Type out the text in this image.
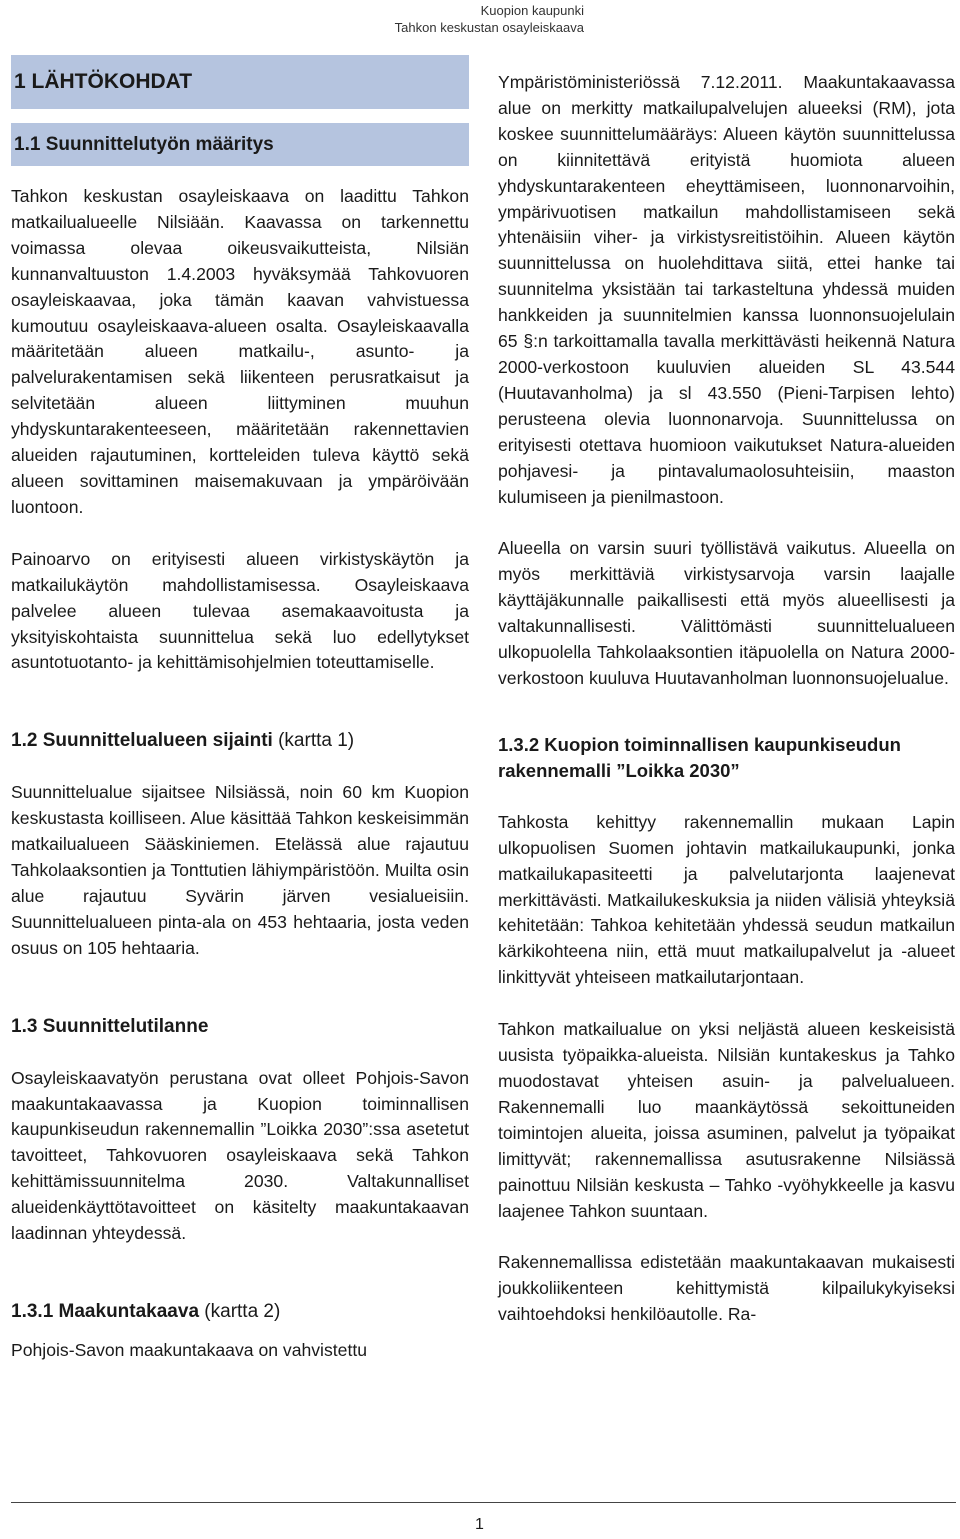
Kuopion kaupunki
Tahkon keskustan osayleiskaava
1 LÄHTÖKOHDAT
1.1 Suunnittelutyön määritys

Tahkon keskustan osayleiskaava on laadittu Tahkon matkailualueelle Nilsiään. Kaavassa on tarkennettu voimassa olevaa oikeusvaikutteista, Nilsiän kunnanvaltuuston 1.4.2003 hyväksymää Tahkovuoren osayleiskaavaa, joka tämän kaavan vahvistuessa kumoutuu osayleiskaava-alueen osalta. Osayleiskaavalla määritetään alueen matkailu-, asunto- ja palvelurakentamisen sekä liikenteen perusratkaisut ja selvitetään alueen liittyminen muuhun yhdyskuntarakenteeseen, määritetään rakennettavien alueiden rajautuminen, kortteleiden tuleva käyttö sekä alueen sovittaminen maisemakuvaan ja ympäröivään luontoon.

Painoarvo on erityisesti alueen virkistyskäytön ja matkailukäytön mahdollistamisessa. Osayleiskaava palvelee alueen tulevaa asemakaavoitusta ja yksityiskohtaista suunnittelua sekä luo edellytykset asuntotuotanto- ja kehittämisohjelmien toteuttamiselle.

1.2 Suunnittelualueen sijainti (kartta 1)

Suunnittelualue sijaitsee Nilsiässä, noin 60 km Kuopion keskustasta koilliseen. Alue käsittää Tahkon keskeisimmän matkailualueen Sääskiniemen. Etelässä alue rajautuu Tahkolaaksontien ja Tonttutien lähiympäristöön. Muilta osin alue rajautuu Syvärin järven vesialueisiin. Suunnittelualueen pinta-ala on 453 hehtaaria, josta veden osuus on 105 hehtaaria.

1.3 Suunnittelutilanne

Osayleiskaavatyön perustana ovat olleet Pohjois-Savon maakuntakaavassa ja Kuopion toiminnallisen kaupunkiseudun rakennemallin ”Loikka 2030”:ssa asetetut tavoitteet, Tahkovuoren osayleiskaava sekä Tahkon kehittämissuunnitelma 2030. Valtakunnalliset alueidenkäyttötavoitteet on käsitelty maakuntakaavan laadinnan yhteydessä.

1.3.1 Maakuntakaava (kartta 2)

Pohjois-Savon maakuntakaava on vahvistettu

Ympäristöministeriössä 7.12.2011. Maakuntakaavassa alue on merkitty matkailupalvelujen alueeksi (RM), jota koskee suunnittelumääräys: Alueen käytön suunnittelussa on kiinnitettävä erityistä huomiota alueen yhdyskuntarakenteen eheyttämiseen, luonnonarvoihin, ympärivuotisen matkailun mahdollistamiseen sekä yhtenäisiin viher- ja virkistysreitistöihin. Alueen käytön suunnittelussa on huolehdittava siitä, ettei hanke tai suunnitelma yksistään tai tarkasteltuna yhdessä muiden hankkeiden ja suunnitelmien kanssa luonnonsuojelulain 65 §:n tarkoittamalla tavalla merkittävästi heikennä Natura 2000-verkostoon kuuluvien alueiden SL 43.544 (Huutavanholma) ja sl 43.550 (Pieni-Tarpisen lehto) perusteena olevia luonnonarvoja. Suunnittelussa on erityisesti otettava huomioon vaikutukset Natura-alueiden pohjavesi- ja pintavalumaolosuhteisiin, maaston kulumiseen ja pienilmastoon.

Alueella on varsin suuri työllistävä vaikutus. Alueella on myös merkittäviä virkistysarvoja varsin laajalle käyttäjäkunnalle paikallisesti että myös alueellisesti ja valtakunnallisesti. Välittömästi suunnittelualueen ulkopuolella Tahkolaaksontien itäpuolella on Natura 2000-verkostoon kuuluva Huutavanholman luonnonsuojelualue.

1.3.2 Kuopion toiminnallisen kaupunkiseudun rakennemalli ”Loikka 2030”

Tahkosta kehittyy rakennemallin mukaan Lapin ulkopuolisen Suomen johtavin matkailukaupunki, jonka matkailukapasiteetti ja palvelutarjonta laajenevat merkittävästi. Matkailukeskuksia ja niiden välisiä yhteyksiä kehitetään: Tahkoa kehitetään yhdessä seudun matkailun kärkikohteena niin, että muut matkailupalvelut ja -alueet linkittyvät yhteiseen matkailutarjontaan.

Tahkon matkailualue on yksi neljästä alueen keskeisistä uusista työpaikka-alueista. Nilsiän kuntakeskus ja Tahko muodostavat yhteisen asuin- ja palvelualueen. Rakennemalli luo maankäytössä sekoittuneiden toimintojen alueita, joissa asuminen, palvelut ja työpaikat limittyvät; rakennemallissa asutusrakenne Nilsiässä painottuu Nilsiän keskusta – Tahko -vyöhykkeelle ja kasvu laajenee Tahkon suuntaan.

Rakennemallissa edistetään maakuntakaavan mukaisesti joukkoliikenteen kehittymistä kilpailukykyiseksi vaihtoehdoksi henkilöautolle. Ra-

1
